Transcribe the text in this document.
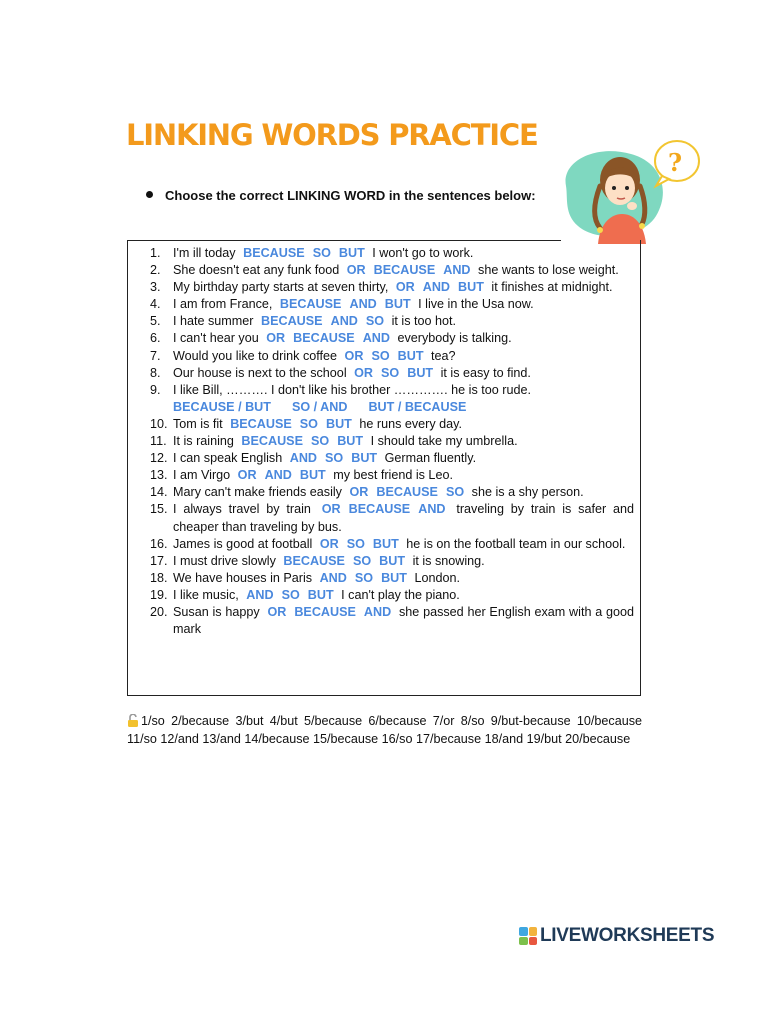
LINKING WORDS PRACTICE
Choose the correct LINKING WORD in the sentences below:
?
1. I'm ill today BECAUSE SO BUT I won't go to work.
2. She doesn't eat any funk food OR BECAUSE AND she wants to lose weight.
3. My birthday party starts at seven thirty, OR AND BUT it finishes at midnight.
4. I am from France, BECAUSE AND BUT I live in the Usa now.
5. I hate summer BECAUSE AND SO it is too hot.
6. I can't hear you OR BECAUSE AND everybody is talking.
7. Would you like to drink coffee OR SO BUT tea?
8. Our house is next to the school OR SO BUT it is easy to find.
9. I like Bill, ………. I don't like his brother …………. he is too rude.
BECAUSE / BUT      SO / AND      BUT / BECAUSE
10. Tom is fit BECAUSE SO BUT he runs every day.
11. It is raining BECAUSE SO BUT I should take my umbrella.
12. I can speak English AND SO BUT German fluently.
13. I am Virgo OR AND BUT my best friend is Leo.
14. Mary can't make friends easily OR BECAUSE SO she is a shy person.
15. I always travel by train OR BECAUSE AND traveling by train is safer and cheaper than traveling by bus.
16. James is good at football OR SO BUT he is on the football team in our school.
17. I must drive slowly BECAUSE SO BUT it is snowing.
18. We have houses in Paris AND SO BUT London.
19. I like music, AND SO BUT I can't play the piano.
20. Susan is happy OR BECAUSE AND she passed her English exam with a good mark
1/so 2/because 3/but 4/but 5/because 6/because 7/or 8/so 9/but-because 10/because 11/so 12/and 13/and 14/because 15/because 16/so 17/because 18/and 19/but 20/because
LIVEWORKSHEETS
